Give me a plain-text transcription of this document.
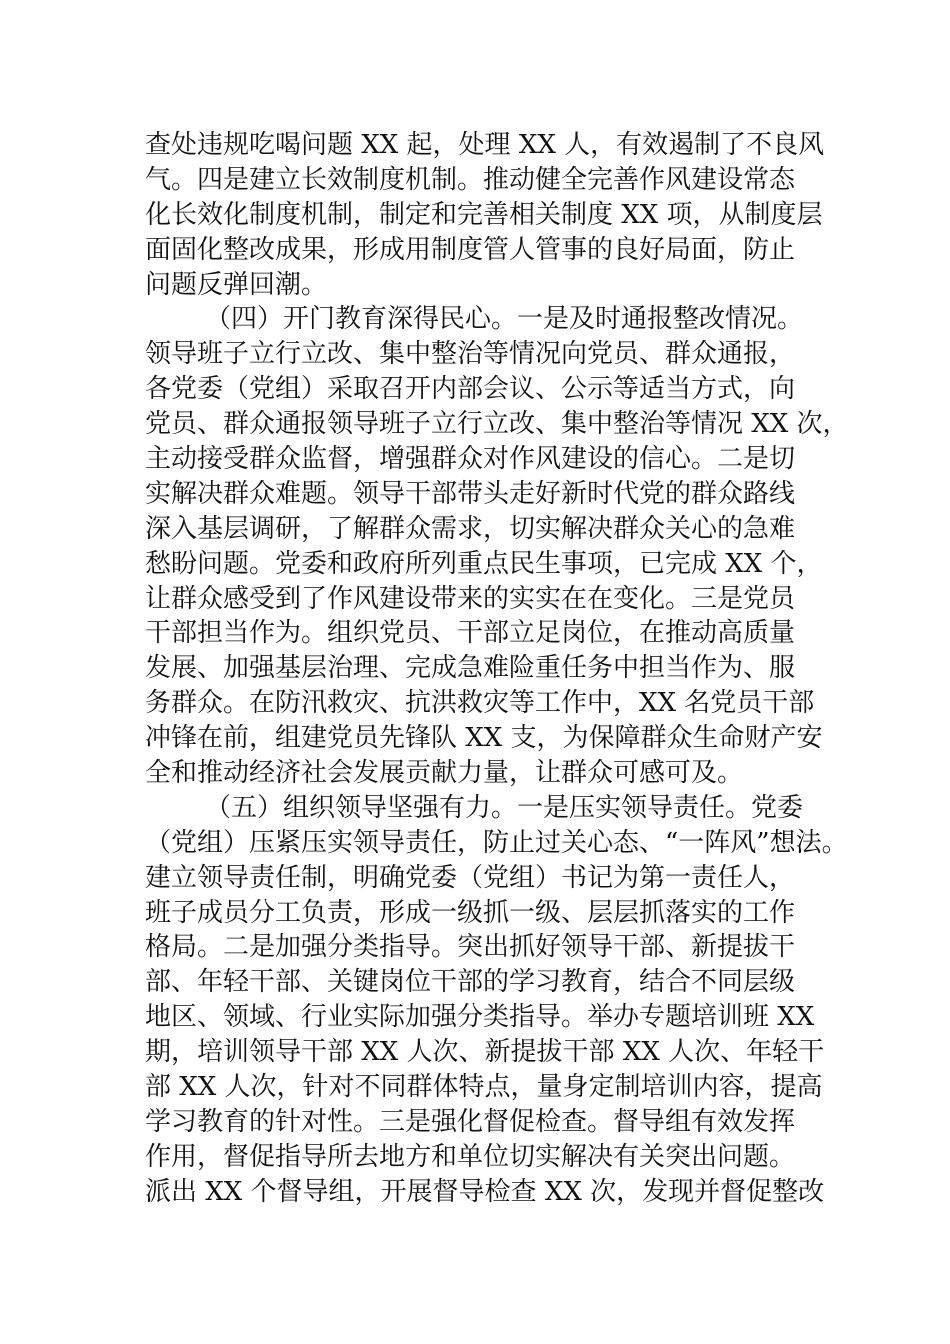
查处违规吃喝问题 XX 起，处理 XX 人，有效遏制了不良风
气。四是建立长效制度机制。推动健全完善作风建设常态
化长效化制度机制，制定和完善相关制度 XX 项，从制度层
面固化整改成果，形成用制度管人管事的良好局面，防止
问题反弹回潮。
（四）开门教育深得民心。一是及时通报整改情况。
领导班子立行立改、集中整治等情况向党员、群众通报，
各党委（党组）采取召开内部会议、公示等适当方式，向
党员、群众通报领导班子立行立改、集中整治等情况 XX 次，
主动接受群众监督，增强群众对作风建设的信心。二是切
实解决群众难题。领导干部带头走好新时代党的群众路线
深入基层调研，了解群众需求，切实解决群众关心的急难
愁盼问题。党委和政府所列重点民生事项，已完成 XX 个，
让群众感受到了作风建设带来的实实在在变化。三是党员
干部担当作为。组织党员、干部立足岗位，在推动高质量
发展、加强基层治理、完成急难险重任务中担当作为、服
务群众。在防汛救灾、抗洪救灾等工作中，XX 名党员干部
冲锋在前，组建党员先锋队 XX 支，为保障群众生命财产安
全和推动经济社会发展贡献力量，让群众可感可及。
（五）组织领导坚强有力。一是压实领导责任。党委
（党组）压紧压实领导责任，防止过关心态、“一阵风”想法。
建立领导责任制，明确党委（党组）书记为第一责任人，
班子成员分工负责，形成一级抓一级、层层抓落实的工作
格局。二是加强分类指导。突出抓好领导干部、新提拔干
部、年轻干部、关键岗位干部的学习教育，结合不同层级
地区、领域、行业实际加强分类指导。举办专题培训班 XX
期，培训领导干部 XX 人次、新提拔干部 XX 人次、年轻干
部 XX 人次，针对不同群体特点，量身定制培训内容，提高
学习教育的针对性。三是强化督促检查。督导组有效发挥
作用，督促指导所去地方和单位切实解决有关突出问题。
派出 XX 个督导组，开展督导检查 XX 次，发现并督促整改
